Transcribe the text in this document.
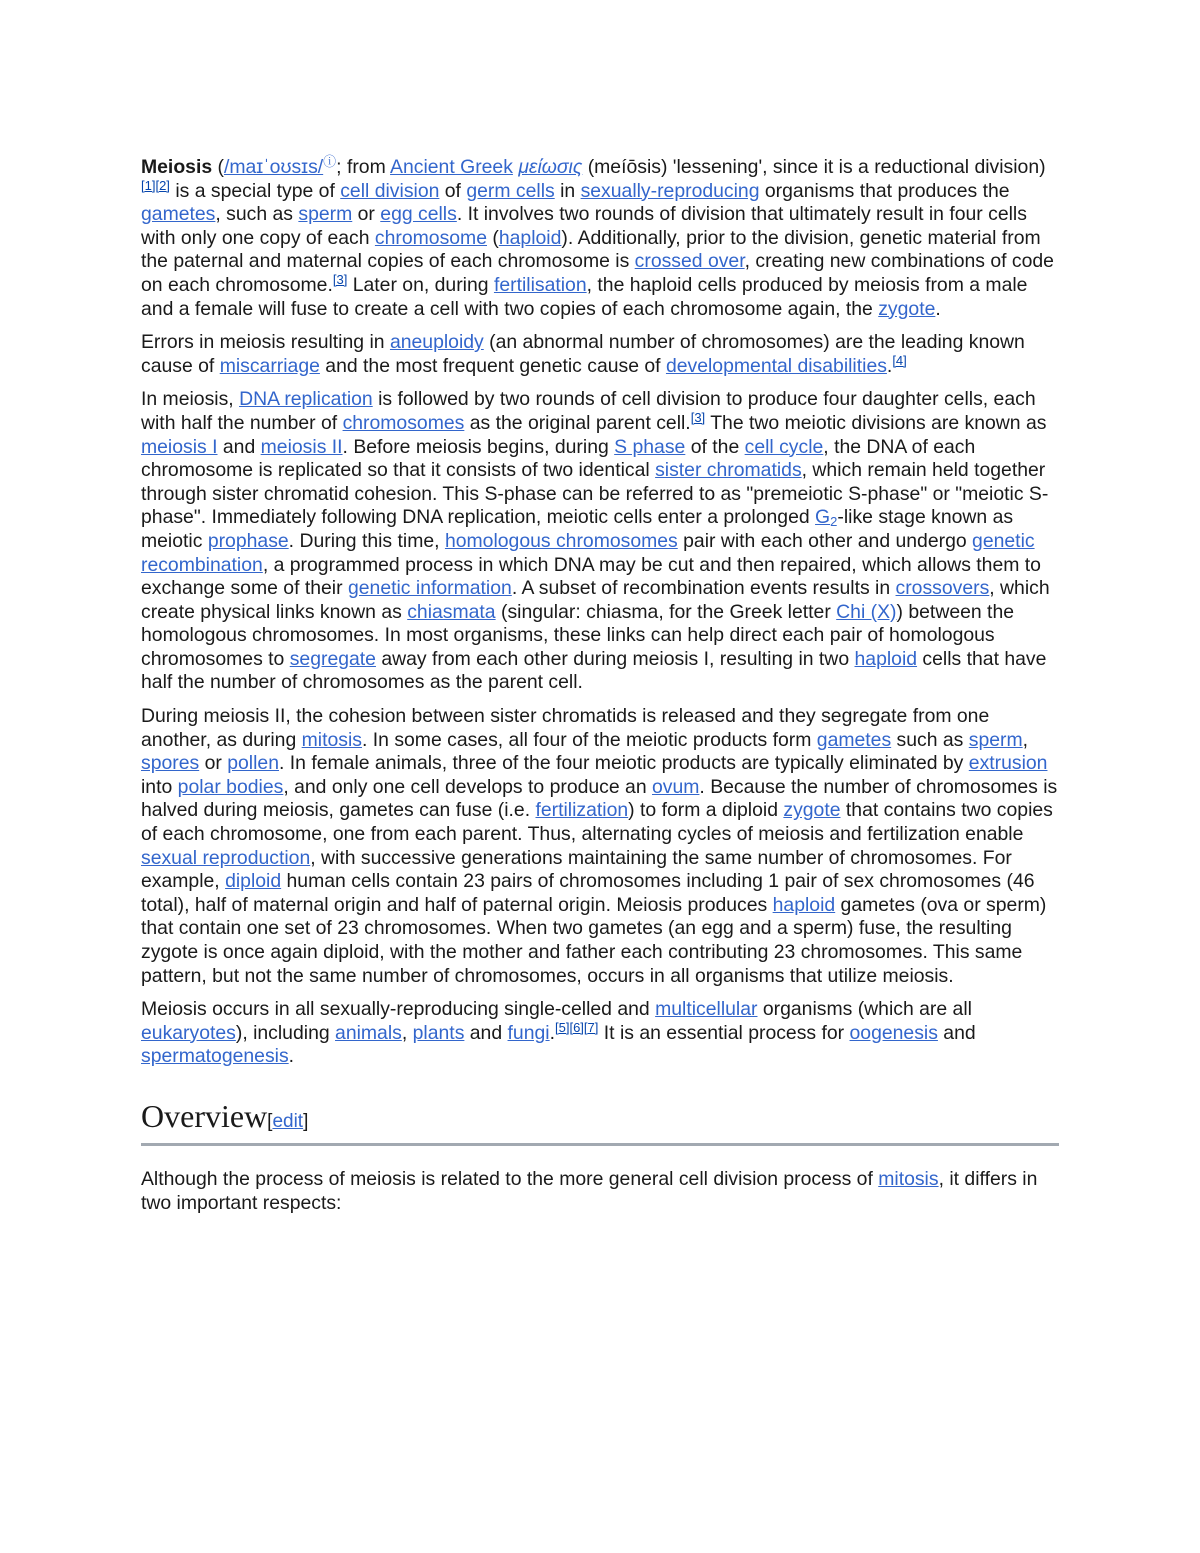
Meiosis (/maɪˈoʊsɪs/ⓘ; from Ancient Greek μείωσις (meíōsis) 'lessening', since it is a reductional division)[1][2] is a special type of cell division of germ cells in sexually-reproducing organisms that produces the gametes, such as sperm or egg cells. It involves two rounds of division that ultimately result in four cells with only one copy of each chromosome (haploid). Additionally, prior to the division, genetic material from the paternal and maternal copies of each chromosome is crossed over, creating new combinations of code on each chromosome.[3] Later on, during fertilisation, the haploid cells produced by meiosis from a male and a female will fuse to create a cell with two copies of each chromosome again, the zygote.

Errors in meiosis resulting in aneuploidy (an abnormal number of chromosomes) are the leading known cause of miscarriage and the most frequent genetic cause of developmental disabilities.[4]

In meiosis, DNA replication is followed by two rounds of cell division to produce four daughter cells, each with half the number of chromosomes as the original parent cell.[3] The two meiotic divisions are known as meiosis I and meiosis II. Before meiosis begins, during S phase of the cell cycle, the DNA of each chromosome is replicated so that it consists of two identical sister chromatids, which remain held together through sister chromatid cohesion. This S-phase can be referred to as "premeiotic S-phase" or "meiotic S-phase". Immediately following DNA replication, meiotic cells enter a prolonged $G_2$-like stage known as meiotic prophase. During this time, homologous chromosomes pair with each other and undergo genetic recombination, a programmed process in which DNA may be cut and then repaired, which allows them to exchange some of their genetic information. A subset of recombination events results in crossovers, which create physical links known as chiasmata (singular: chiasma, for the Greek letter Chi (X)) between the homologous chromosomes. In most organisms, these links can help direct each pair of homologous chromosomes to segregate away from each other during meiosis I, resulting in two haploid cells that have half the number of chromosomes as the parent cell.

During meiosis II, the cohesion between sister chromatids is released and they segregate from one another, as during mitosis. In some cases, all four of the meiotic products form gametes such as sperm, spores or pollen. In female animals, three of the four meiotic products are typically eliminated by extrusion into polar bodies, and only one cell develops to produce an ovum. Because the number of chromosomes is halved during meiosis, gametes can fuse (i.e. fertilization) to form a diploid zygote that contains two copies of each chromosome, one from each parent. Thus, alternating cycles of meiosis and fertilization enable sexual reproduction, with successive generations maintaining the same number of chromosomes. For example, diploid human cells contain 23 pairs of chromosomes including 1 pair of sex chromosomes (46 total), half of maternal origin and half of paternal origin. Meiosis produces haploid gametes (ova or sperm) that contain one set of 23 chromosomes. When two gametes (an egg and a sperm) fuse, the resulting zygote is once again diploid, with the mother and father each contributing 23 chromosomes. This same pattern, but not the same number of chromosomes, occurs in all organisms that utilize meiosis.

Meiosis occurs in all sexually-reproducing single-celled and multicellular organisms (which are all eukaryotes), including animals, plants and fungi.[5][6][7] It is an essential process for oogenesis and spermatogenesis.

Overview[edit]

Although the process of meiosis is related to the more general cell division process of mitosis, it differs in two important respects:
